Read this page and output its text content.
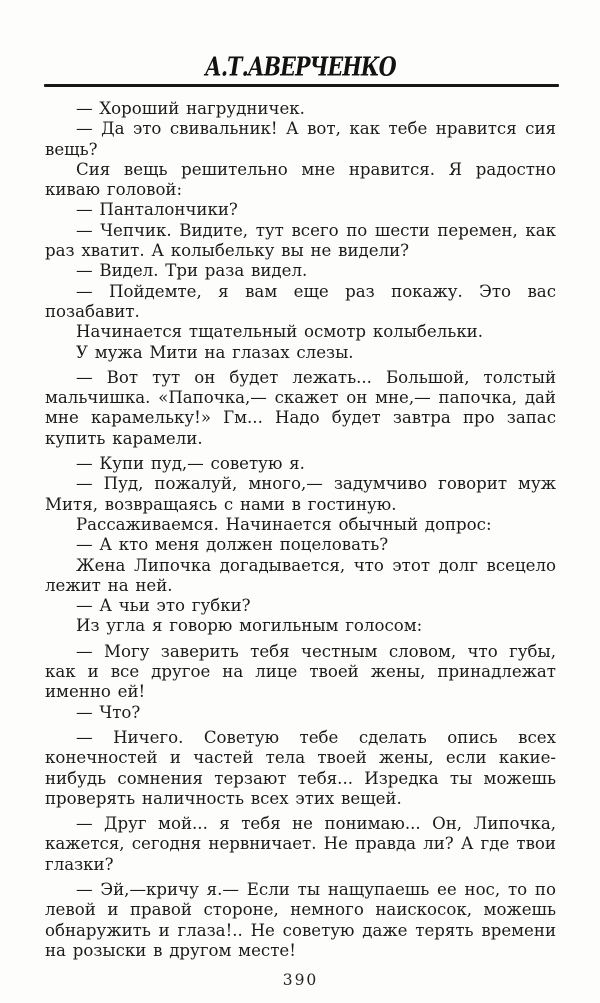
А.Т.АВЕРЧЕНКО

— Хороший нагрудничек.

— Да это свивальник! А вот, как тебе нравится сия вещь?

Сия вещь решительно мне нравится. Я радостно киваю головой:

— Панталончики?

— Чепчик. Видите, тут всего по шести перемен, как раз хватит. А колыбельку вы не видели?

— Видел. Три раза видел.

— Пойдемте, я вам еще раз покажу. Это вас позабавит.

Начинается тщательный осмотр колыбельки.

У мужа Мити на глазах слезы.

— Вот тут он будет лежать... Большой, толстый мальчишка. «Папочка,— скажет он мне,— папочка, дай мне карамельку!» Гм... Надо будет завтра про запас купить карамели.

— Купи пуд,— советую я.

— Пуд, пожалуй, много,— задумчиво говорит муж Митя, возвращаясь с нами в гостиную.

Рассаживаемся. Начинается обычный допрос:

— А кто меня должен поцеловать?

Жена Липочка догадывается, что этот долг всецело лежит на ней.

— А чьи это губки?

Из угла я говорю могильным голосом:

— Могу заверить тебя честным словом, что губы, как и все другое на лице твоей жены, принадлежат именно ей!

— Что?

— Ничего. Советую тебе сделать опись всех конечностей и частей тела твоей жены, если какие-нибудь сомнения терзают тебя... Изредка ты можешь проверять наличность всех этих вещей.

— Друг мой... я тебя не понимаю... Он, Липочка, кажется, сегодня нервничает. Не правда ли? А где твои глазки?

— Эй,—кричу я.— Если ты нащупаешь ее нос, то по левой и правой стороне, немного наискосок, можешь обнаружить и глаза!.. Не советую даже терять времени на розыски в другом месте!

390
